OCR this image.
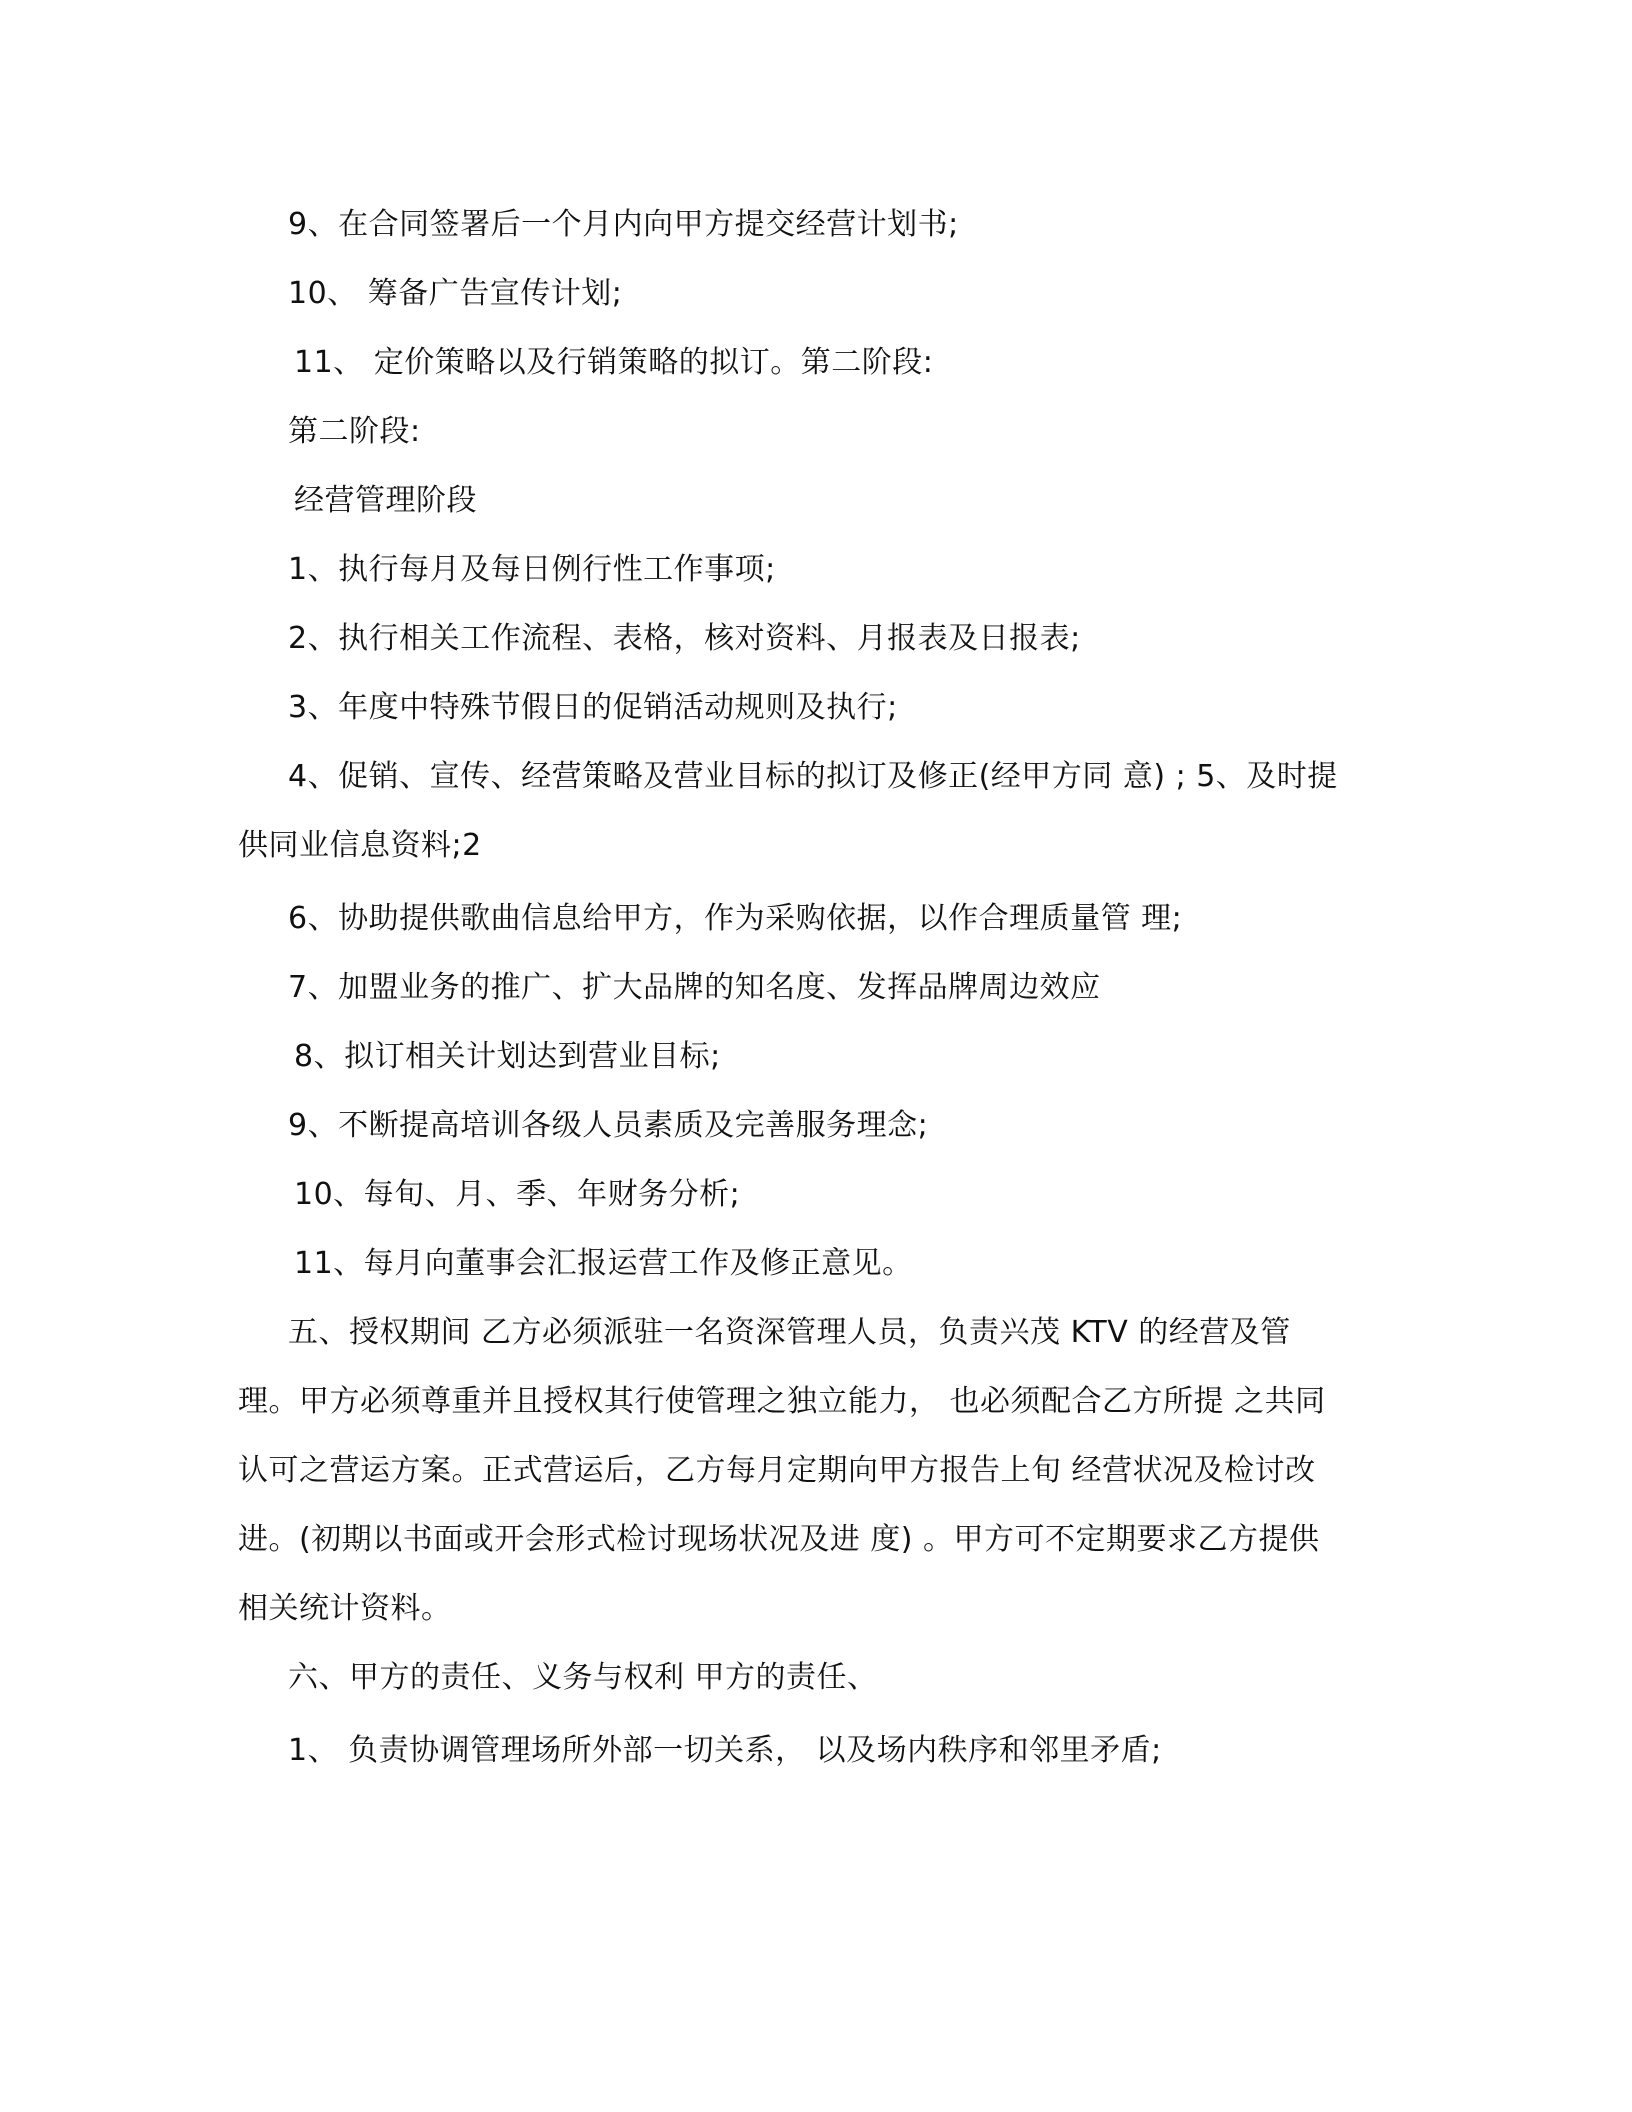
9、在合同签署后一个月内向甲方提交经营计划书;
10、 筹备广告宣传计划;
11、 定价策略以及行销策略的拟订。第二阶段:
第二阶段:
经营管理阶段
1、执行每月及每日例行性工作事项;
2、执行相关工作流程、表格，核对资料、月报表及日报表;
3、年度中特殊节假日的促销活动规则及执行;
4、促销、宣传、经营策略及营业目标的拟订及修正(经甲方同 意) ; 5、及时提
供同业信息资料;2
6、协助提供歌曲信息给甲方，作为采购依据，以作合理质量管 理;
7、加盟业务的推广、扩大品牌的知名度、发挥品牌周边效应
8、拟订相关计划达到营业目标;
9、不断提高培训各级人员素质及完善服务理念;
10、每旬、月、季、年财务分析;
11、每月向董事会汇报运营工作及修正意见。
五、授权期间 乙方必须派驻一名资深管理人员，负责兴茂 KTV 的经营及管
理。甲方必须尊重并且授权其行使管理之独立能力， 也必须配合乙方所提 之共同
认可之营运方案。正式营运后，乙方每月定期向甲方报告上旬 经营状况及检讨改
进。(初期以书面或开会形式检讨现场状况及进 度) 。甲方可不定期要求乙方提供
相关统计资料。
六、甲方的责任、义务与权利 甲方的责任、
1、 负责协调管理场所外部一切关系， 以及场内秩序和邻里矛盾;
